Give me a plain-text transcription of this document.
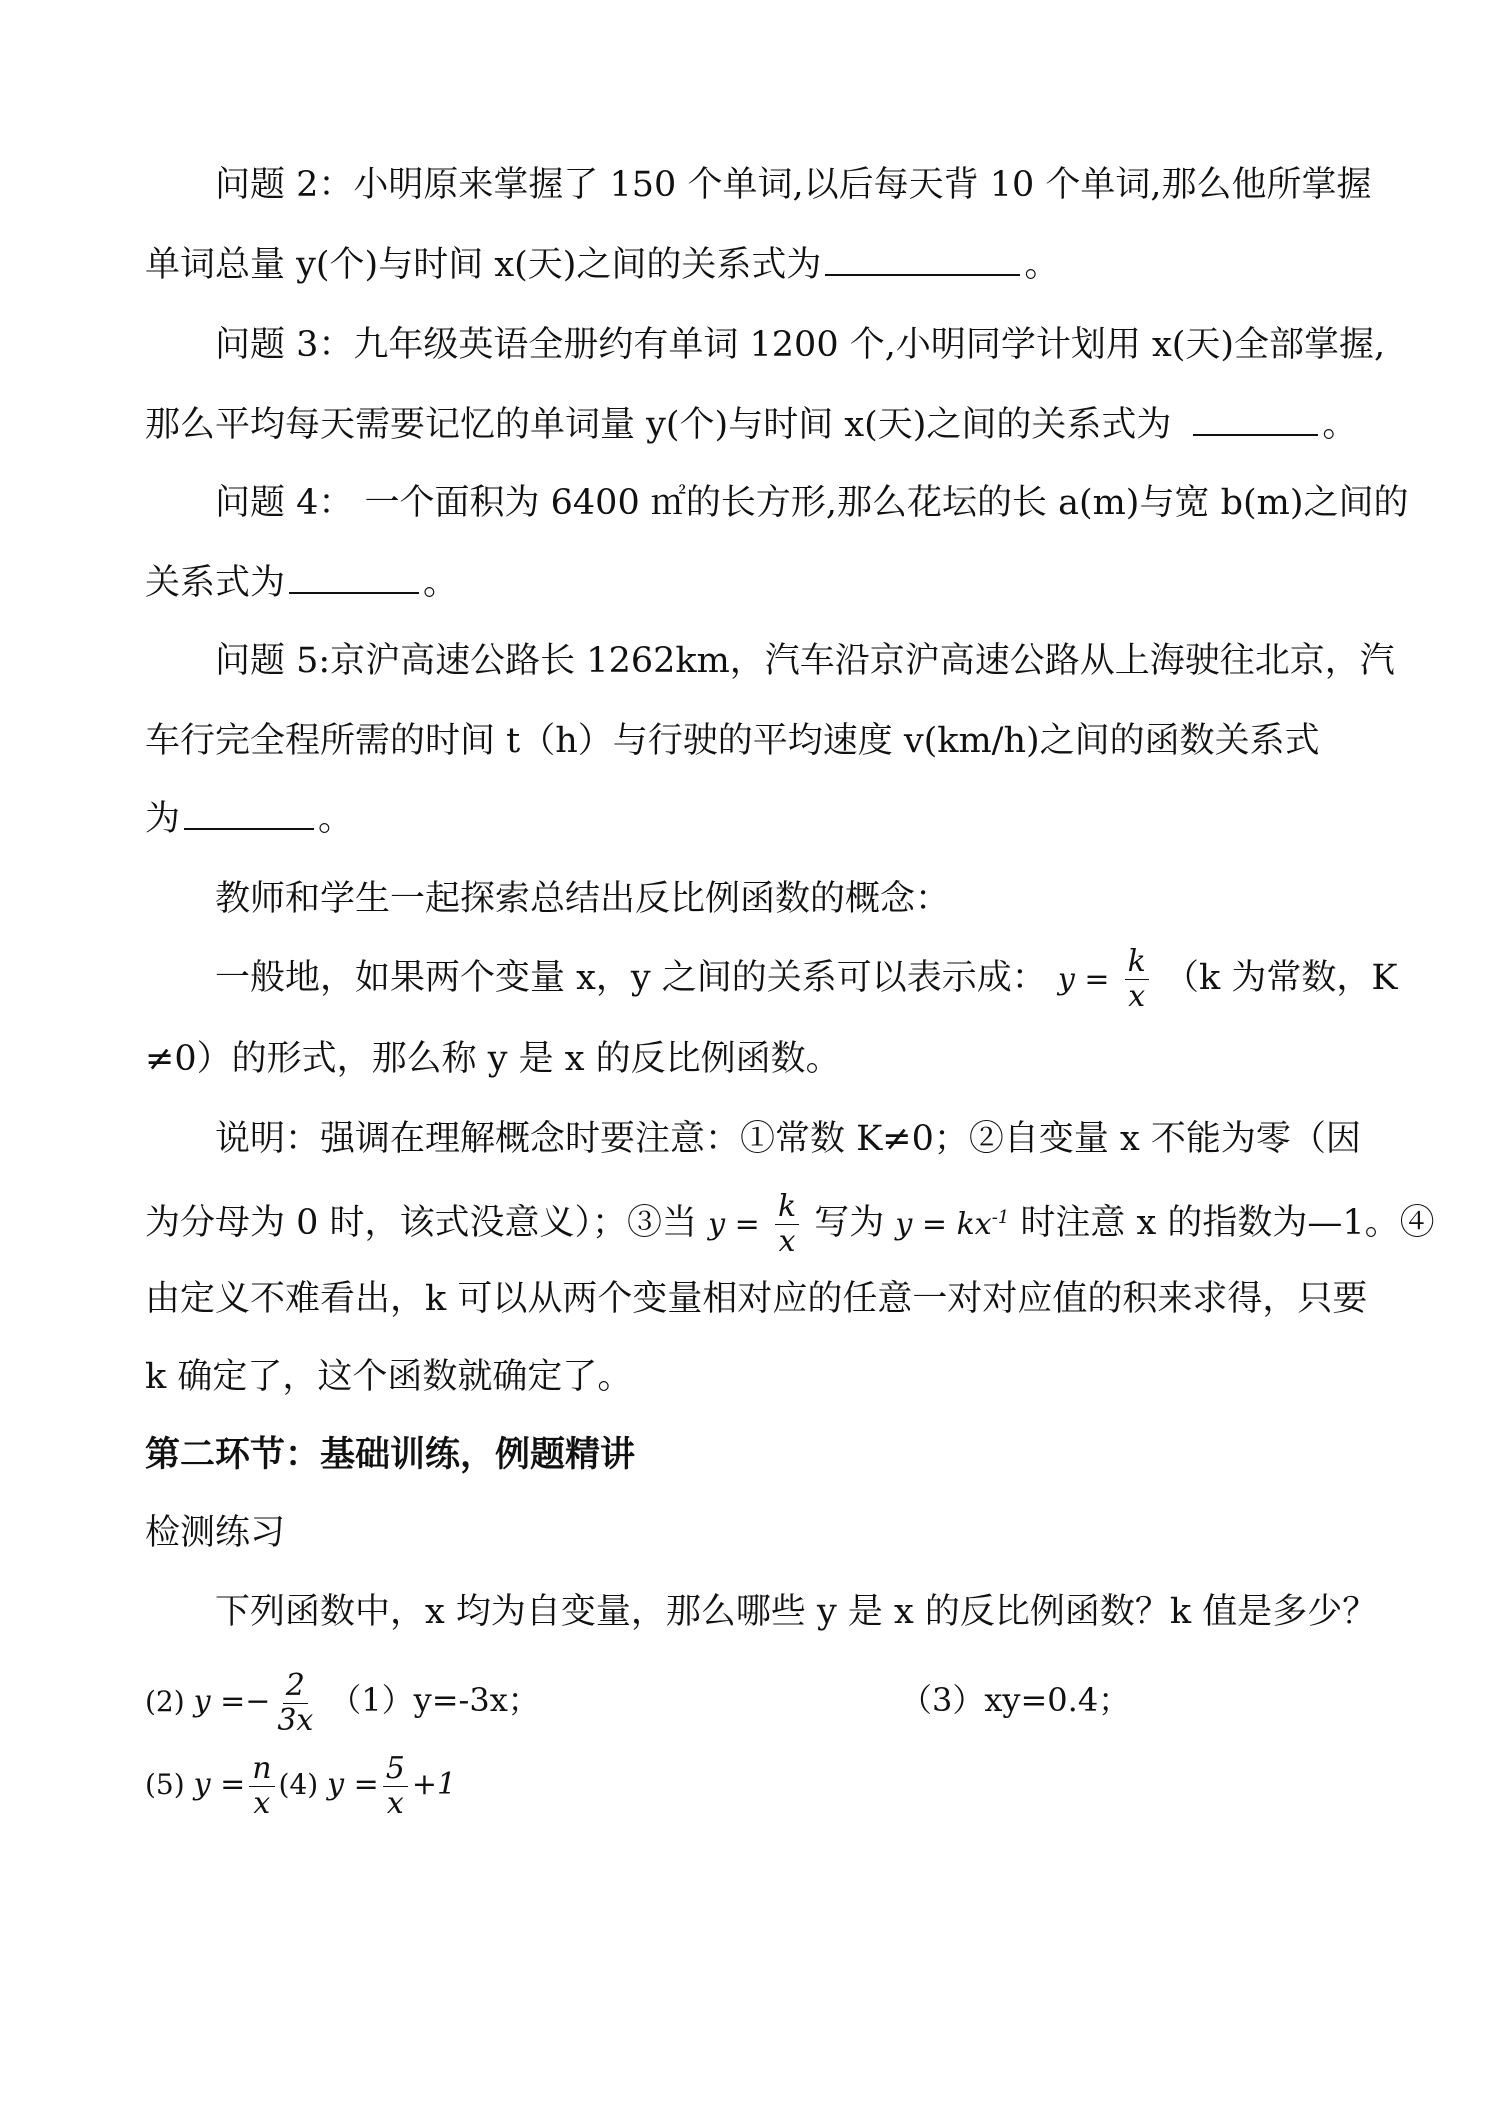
问题 2：小明原来掌握了 150 个单词,以后每天背 10 个单词,那么他所掌握
单词总量 y(个)与时间 x(天)之间的关系式为	。
问题 3：九年级英语全册约有单词 1200 个,小明同学计划用 x(天)全部掌握,
那么平均每天需要记忆的单词量 y(个)与时间 x(天)之间的关系式为	。
问题 4： 一个面积为 6400 ㎡的长方形,那么花坛的长 a(m)与宽 b(m)之间的
关系式为	。
问题 5:京沪高速公路长 1262km，汽车沿京沪高速公路从上海驶往北京，汽
车行完全程所需的时间 t（h）与行驶的平均速度 v(km/h)之间的函数关系式
为	。
教师和学生一起探索总结出反比例函数的概念：
一般地，如果两个变量 x，y 之间的关系可以表示成： $y = \frac{k}{x} (k$ 为常数，K
≠0）的形式，那么称 y 是 x 的反比例函数。
说明：强调在理解概念时要注意：①常数 K≠0；②自变量 x 不能为零（因
为分母为 0 时，该式没意义）；③当 $y = \frac{k}{x}$ 写为 $y = kx^{-1}$ 时注意 x 的指数为—1。④
由定义不难看出，k 可以从两个变量相对应的任意一对对应值的积来求得，只要
k 确定了，这个函数就确定了。
第二环节：基础训练，例题精讲
检测练习
下列函数中，x 均为自变量，那么哪些 y 是 x 的反比例函数？k 值是多少？
(2) $y =- \frac{2}{3x} (1)y=-3x$；	（3）xy=0.4；
(5) $y = \frac{n}{x} (4) y = \frac{5}{x} +1$
